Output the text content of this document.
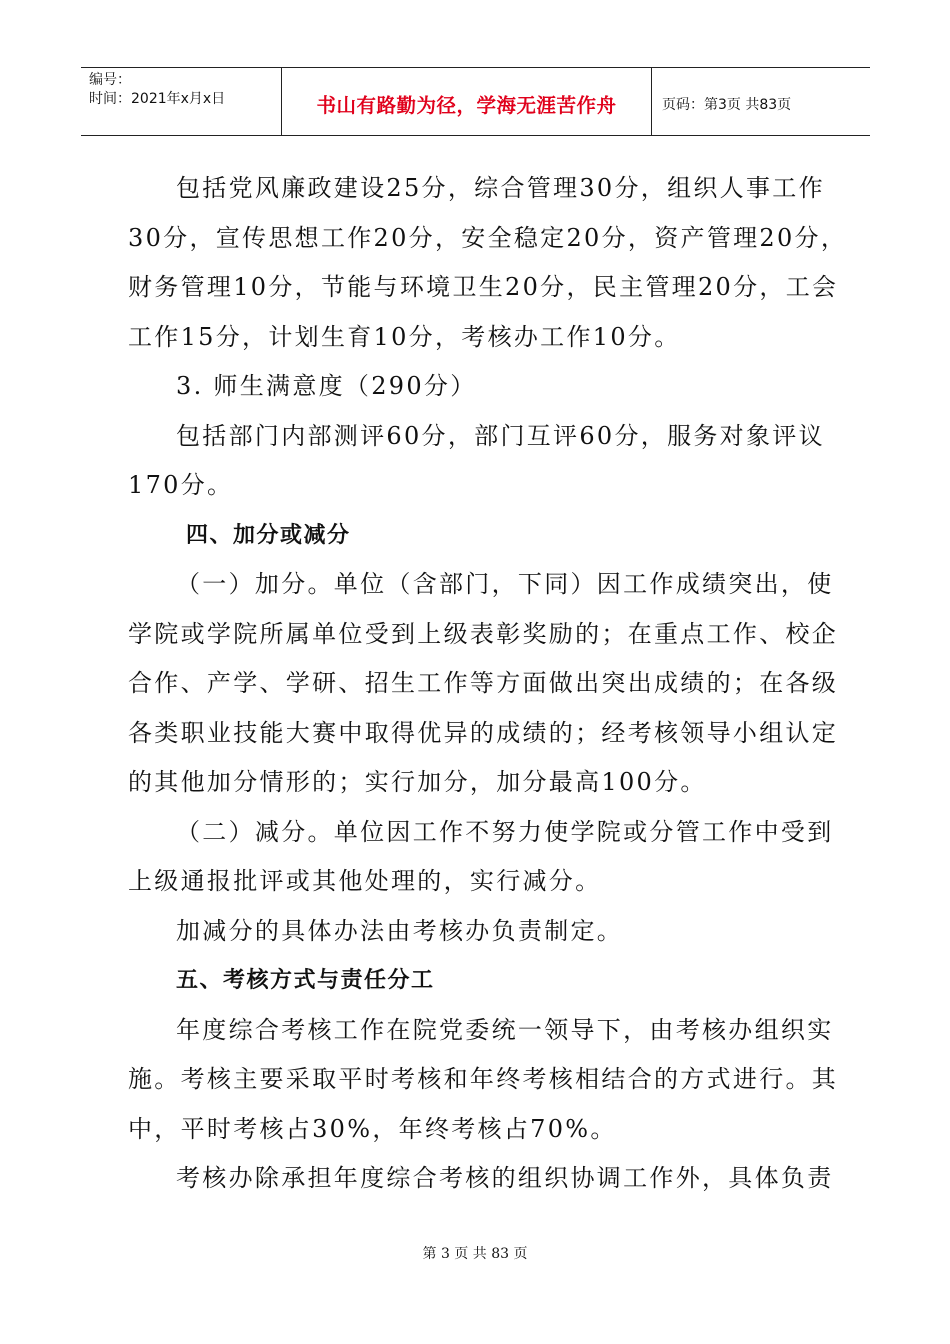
编号：
时间：2021年x月x日	书山有路勤为径，学海无涯苦作舟	页码：第3页 共83页

包括党风廉政建设25分，综合管理30分，组织人事工作

30分，宣传思想工作20分，安全稳定20分，资产管理20分，

财务管理10分，节能与环境卫生20分，民主管理20分，工会

工作15分，计划生育10分，考核办工作10分。

3. 师生满意度（290分）

包括部门内部测评60分，部门互评60分，服务对象评议

170分。

四、加分或减分

（一）加分。单位（含部门，下同）因工作成绩突出，使

学院或学院所属单位受到上级表彰奖励的；在重点工作、校企

合作、产学、学研、招生工作等方面做出突出成绩的；在各级

各类职业技能大赛中取得优异的成绩的；经考核领导小组认定

的其他加分情形的；实行加分，加分最高100分。

（二）减分。单位因工作不努力使学院或分管工作中受到

上级通报批评或其他处理的，实行减分。

加减分的具体办法由考核办负责制定。

五、考核方式与责任分工

年度综合考核工作在院党委统一领导下，由考核办组织实

施。考核主要采取平时考核和年终考核相结合的方式进行。其

中，平时考核占30%，年终考核占70%。

考核办除承担年度综合考核的组织协调工作外，具体负责

第 3 页 共 83 页
